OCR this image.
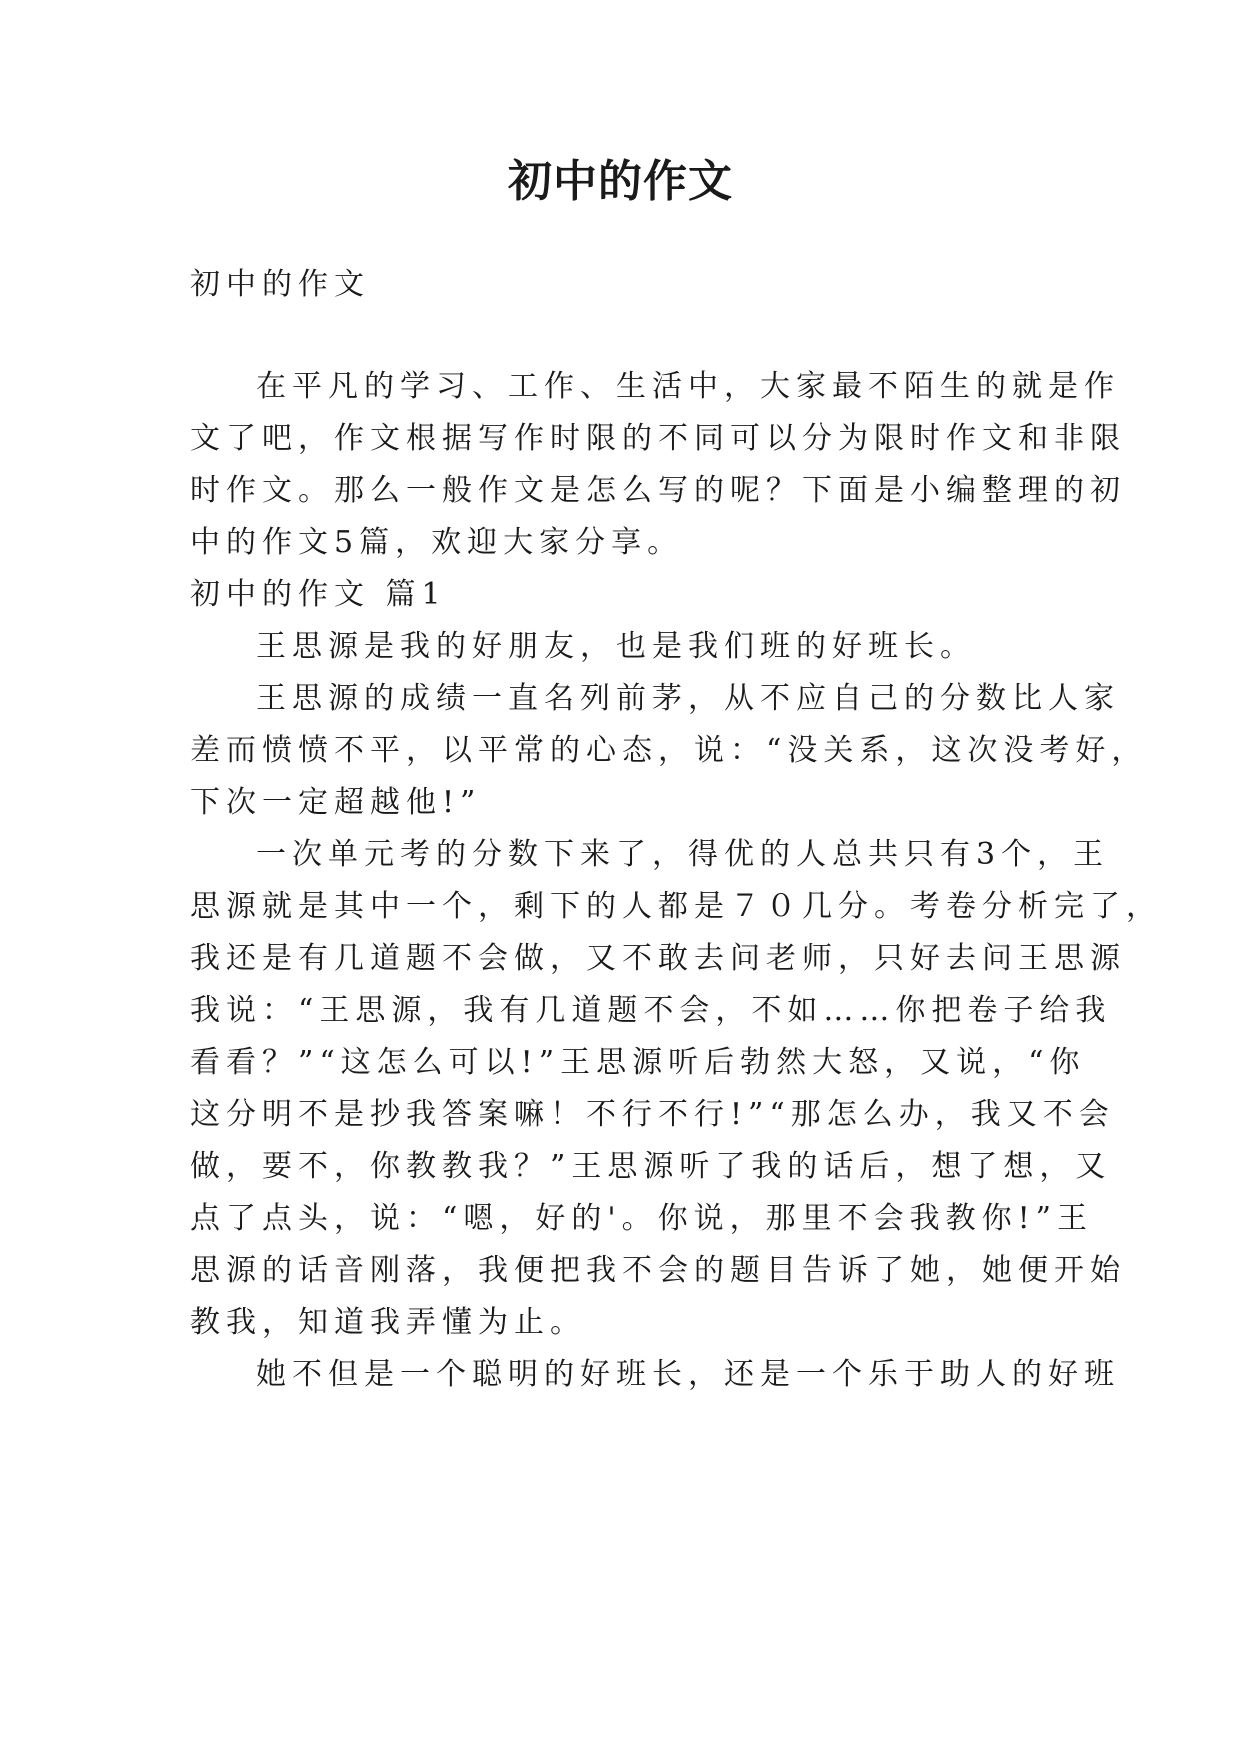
初中的作文
初中的作文
在平凡的学习、工作、生活中，大家最不陌生的就是作
文了吧，作文根据写作时限的不同可以分为限时作文和非限
时作文。那么一般作文是怎么写的呢？下面是小编整理的初
中的作文5篇，欢迎大家分享。
初中的作文 篇1
王思源是我的好朋友，也是我们班的好班长。
王思源的成绩一直名列前茅，从不应自己的分数比人家
差而愤愤不平，以平常的心态，说：“没关系，这次没考好，
下次一定超越他!”
一次单元考的分数下来了，得优的人总共只有3个，王
思源就是其中一个，剩下的人都是７０几分。考卷分析完了，
我还是有几道题不会做，又不敢去问老师，只好去问王思源
我说：“王思源，我有几道题不会，不如……你把卷子给我
看看？”“这怎么可以!”王思源听后勃然大怒，又说，“你
这分明不是抄我答案嘛！不行不行!”“那怎么办，我又不会
做，要不，你教教我？”王思源听了我的话后，想了想，又
点了点头，说：“嗯，好的'。你说，那里不会我教你!”王
思源的话音刚落，我便把我不会的题目告诉了她，她便开始
教我，知道我弄懂为止。
她不但是一个聪明的好班长，还是一个乐于助人的好班
